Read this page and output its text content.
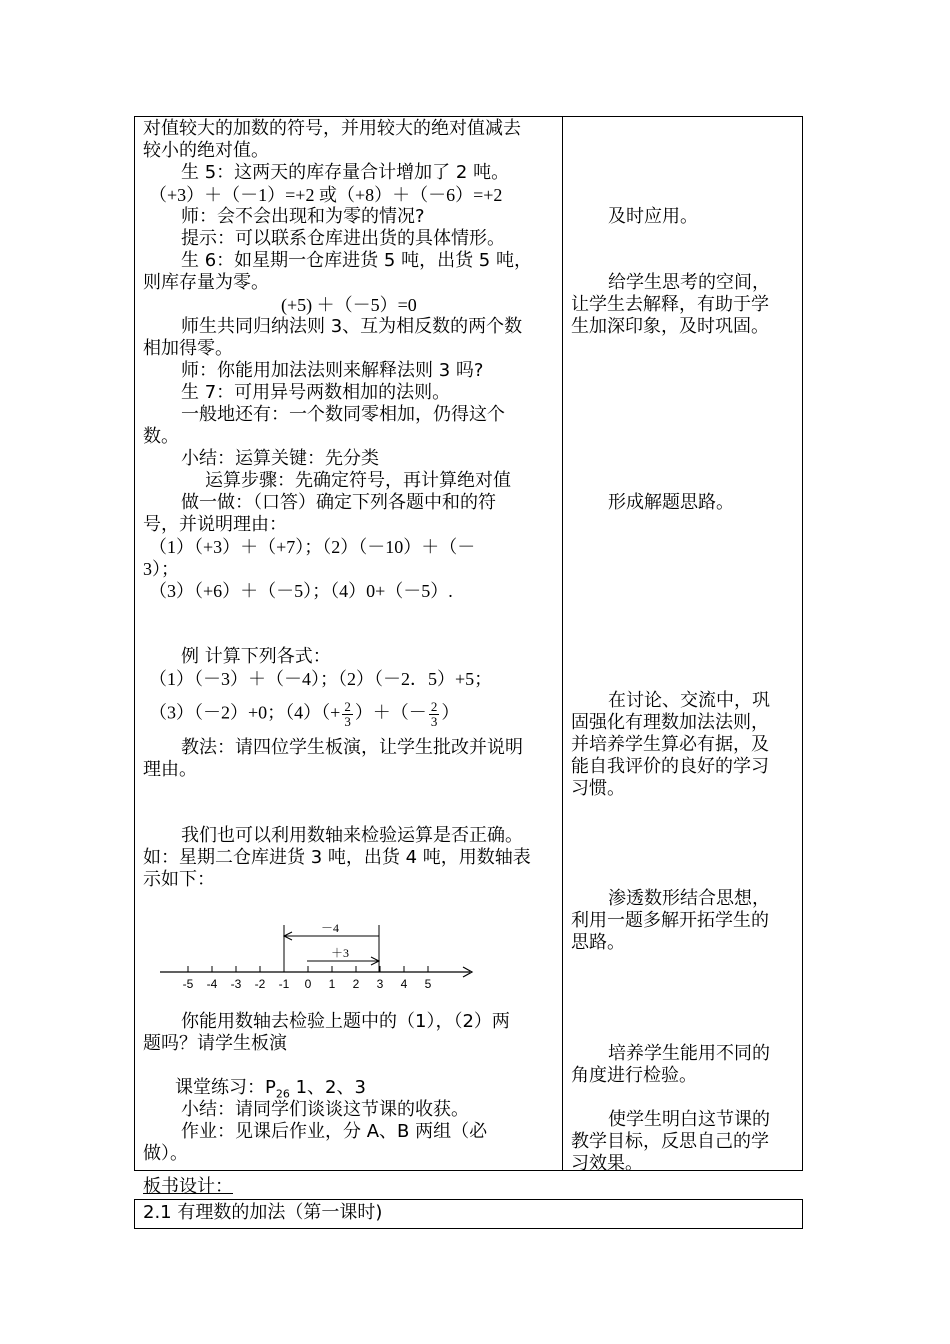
对值较大的加数的符号，并用较大的绝对值减去
较小的绝对值。
生 5：这两天的库存量合计增加了 2 吨。
（+3）＋（－1）=+2 或（+8）＋（－6）=+2
师：会不会出现和为零的情况?
提示：可以联系仓库进出货的具体情形。
生 6：如星期一仓库进货 5 吨，出货 5 吨，
则库存量为零。
(+5) ＋（－5）=0
师生共同归纳法则 3、互为相反数的两个数
相加得零。
师：你能用加法法则来解释法则 3 吗?
生 7：可用异号两数相加的法则。
一般地还有：一个数同零相加，仍得这个
数。
小结：运算关键：先分类
运算步骤：先确定符号，再计算绝对值
做一做：（口答）确定下列各题中和的符
号，并说明理由：
（1）（+3）＋（+7）；（2）（－10）＋（－
3）；
（3）（+6）＋（－5）；（4）0+（－5）.
例 计算下列各式：
（1）（－3）＋（－4）；（2）（－2．5）+5；
（3）（－2）+0；$(4)(+ \frac{2}{3}$ ）＋（－ $\frac{2}{3}$ ）
教法：请四位学生板演，让学生批改并说明
理由。
我们也可以利用数轴来检验运算是否正确。
如：星期二仓库进货 3 吨，出货 4 吨，用数轴表
示如下：
-5 -4 -3 -2 -1 0 1 2 3 4 5
－4
＋3
你能用数轴去检验上题中的（1），（2）两
题吗？请学生板演
课堂练习：$P_{26}$ 1、2、3
小结：请同学们谈谈这节课的收获。
作业：见课后作业，分 A、B 两组（必
做）。
及时应用。
给学生思考的空间，
让学生去解释，有助于学
生加深印象，及时巩固。
形成解题思路。
在讨论、交流中，巩
固强化有理数加法法则，
并培养学生算必有据，及
能自我评价的良好的学习
习惯。
渗透数形结合思想，
利用一题多解开拓学生的
思路。
培养学生能用不同的
角度进行检验。
使学生明白这节课的
教学目标，反思自己的学
习效果。
板书设计：
2.1 有理数的加法（第一课时)
